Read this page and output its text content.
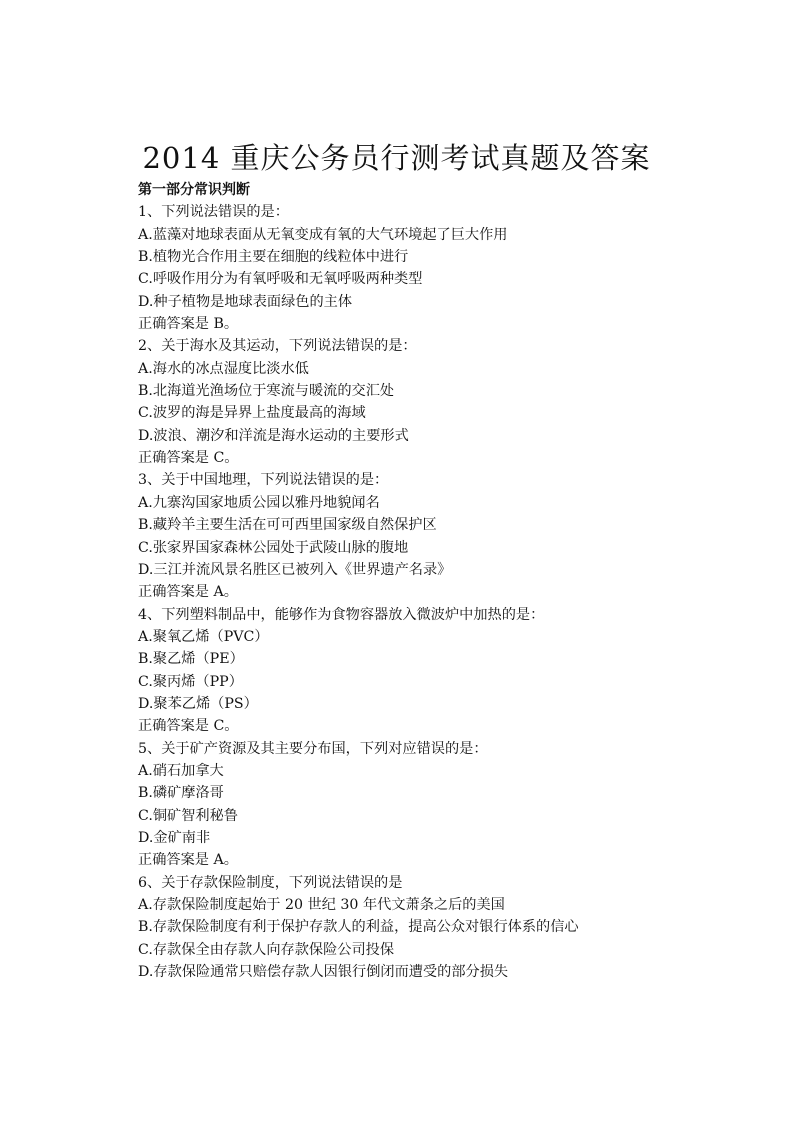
2014 重庆公务员行测考试真题及答案
第一部分常识判断
1、下列说法错误的是：
A.蓝藻对地球表面从无氧变成有氧的大气环境起了巨大作用
B.植物光合作用主要在细胞的线粒体中进行
C.呼吸作用分为有氧呼吸和无氧呼吸两种类型
D.种子植物是地球表面绿色的主体
正确答案是 B。
2、关于海水及其运动，下列说法错误的是：
A.海水的冰点湿度比淡水低
B.北海道光渔场位于寒流与暖流的交汇处
C.波罗的海是异界上盐度最高的海域
D.波浪、潮汐和洋流是海水运动的主要形式
正确答案是 C。
3、关于中国地理，下列说法错误的是：
A.九寨沟国家地质公园以雅丹地貌闻名
B.藏羚羊主要生活在可可西里国家级自然保护区
C.张家界国家森林公园处于武陵山脉的腹地
D.三江并流风景名胜区已被列入《世界遗产名录》
正确答案是 A。
4、下列塑料制品中，能够作为食物容器放入微波炉中加热的是：
A.聚氧乙烯（PVC）
B.聚乙烯（PE）
C.聚丙烯（PP）
D.聚苯乙烯（PS）
正确答案是 C。
5、关于矿产资源及其主要分布国，下列对应错误的是：
A.硝石加拿大
B.磷矿摩洛哥
C.铜矿智利秘鲁
D.金矿南非
正确答案是 A。
6、关于存款保险制度，下列说法错误的是
A.存款保险制度起始于 20 世纪 30 年代文萧条之后的美国
B.存款保险制度有利于保护存款人的利益，提高公众对银行体系的信心
C.存款保全由存款人向存款保险公司投保
D.存款保险通常只赔偿存款人因银行倒闭而遭受的部分损失
